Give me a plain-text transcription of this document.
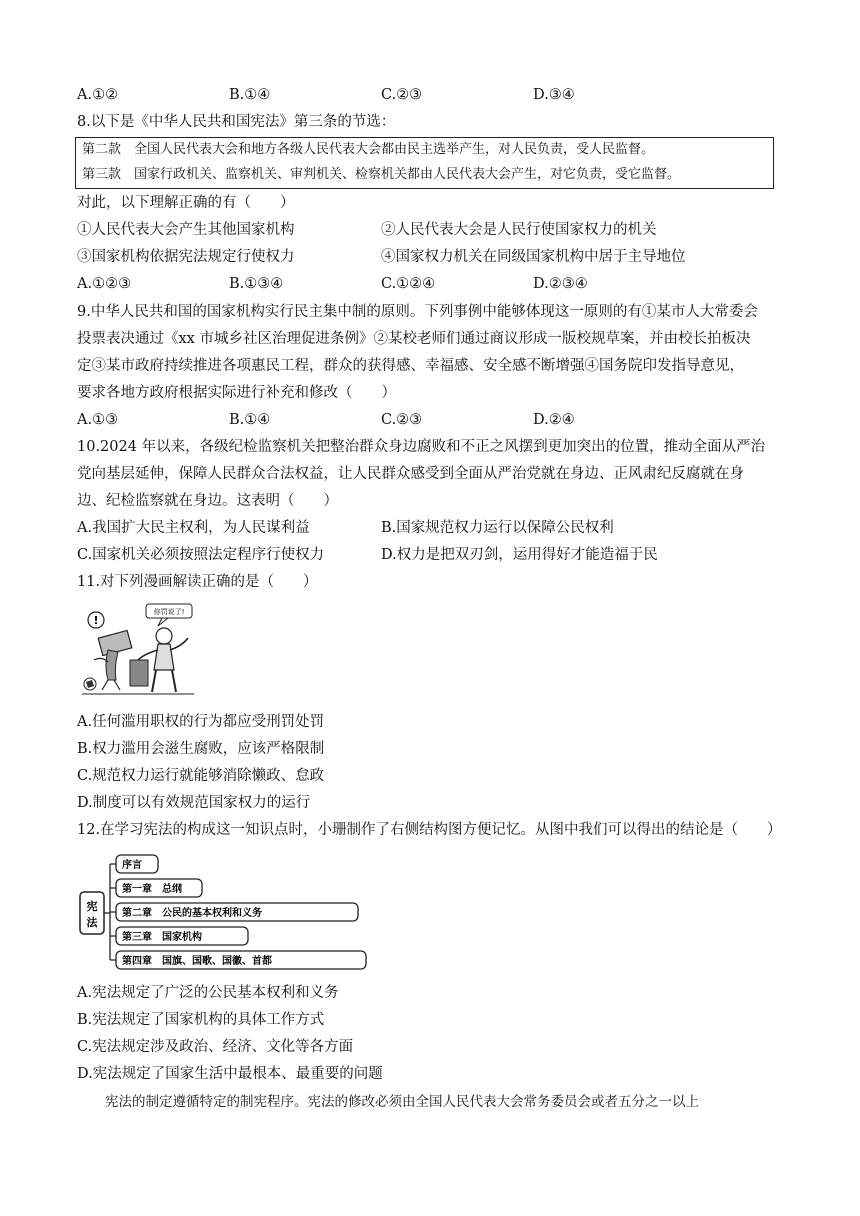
A.①②	B.①④	C.②③	D.③④
8.以下是《中华人民共和国宪法》第三条的节选：
第二款　全国人民代表大会和地方各级人民代表大会都由民主选举产生，对人民负责，受人民监督。
第三款　国家行政机关、监察机关、审判机关、检察机关都由人民代表大会产生，对它负责，受它监督。
对此，以下理解正确的有（　　）
①人民代表大会产生其他国家机构	②人民代表大会是人民行使国家权力的机关
③国家机构依据宪法规定行使权力	④国家权力机关在同级国家机构中居于主导地位
A.①②③	B.①③④	C.①②④	D.②③④
9.中华人民共和国的国家机构实行民主集中制的原则。下列事例中能够体现这一原则的有①某市人大常委会
投票表决通过《xx 市城乡社区治理促进条例》②某校老师们通过商议形成一版校规草案，并由校长拍板决
定③某市政府持续推进各项惠民工程，群众的获得感、幸福感、安全感不断增强④国务院印发指导意见，
要求各地方政府根据实际进行补充和修改（　　）
A.①③	B.①④	C.②③	D.②④
10.2024 年以来，各级纪检监察机关把整治群众身边腐败和不正之风摆到更加突出的位置，推动全面从严治
党向基层延伸，保障人民群众合法权益，让人民群众感受到全面从严治党就在身边、正风肃纪反腐就在身
边、纪检监察就在身边。这表明（　　）
A.我国扩大民主权利，为人民谋利益	B.国家规范权力运行以保障公民权利
C.国家机关必须按照法定程序行使权力	D.权力是把双刃剑，运用得好才能造福于民
11.对下列漫画解读正确的是（　　）
你罚说了!
!
A.任何滥用职权的行为都应受刑罚处罚
B.权力滥用会滋生腐败，应该严格限制
C.规范权力运行就能够消除懒政、怠政
D.制度可以有效规范国家权力的运行
12.在学习宪法的构成这一知识点时，小珊制作了右侧结构图方便记忆。从图中我们可以得出的结论是（　　）
宪
法
序言
第一章　总纲
第二章　公民的基本权利和义务
第三章　国家机构
第四章　国旗、国歌、国徽、首都
A.宪法规定了广泛的公民基本权利和义务
B.宪法规定了国家机构的具体工作方式
C.宪法规定涉及政治、经济、文化等各方面
D.宪法规定了国家生活中最根本、最重要的问题
宪法的制定遵循特定的制宪程序。宪法的修改必须由全国人民代表大会常务委员会或者五分之一以上
